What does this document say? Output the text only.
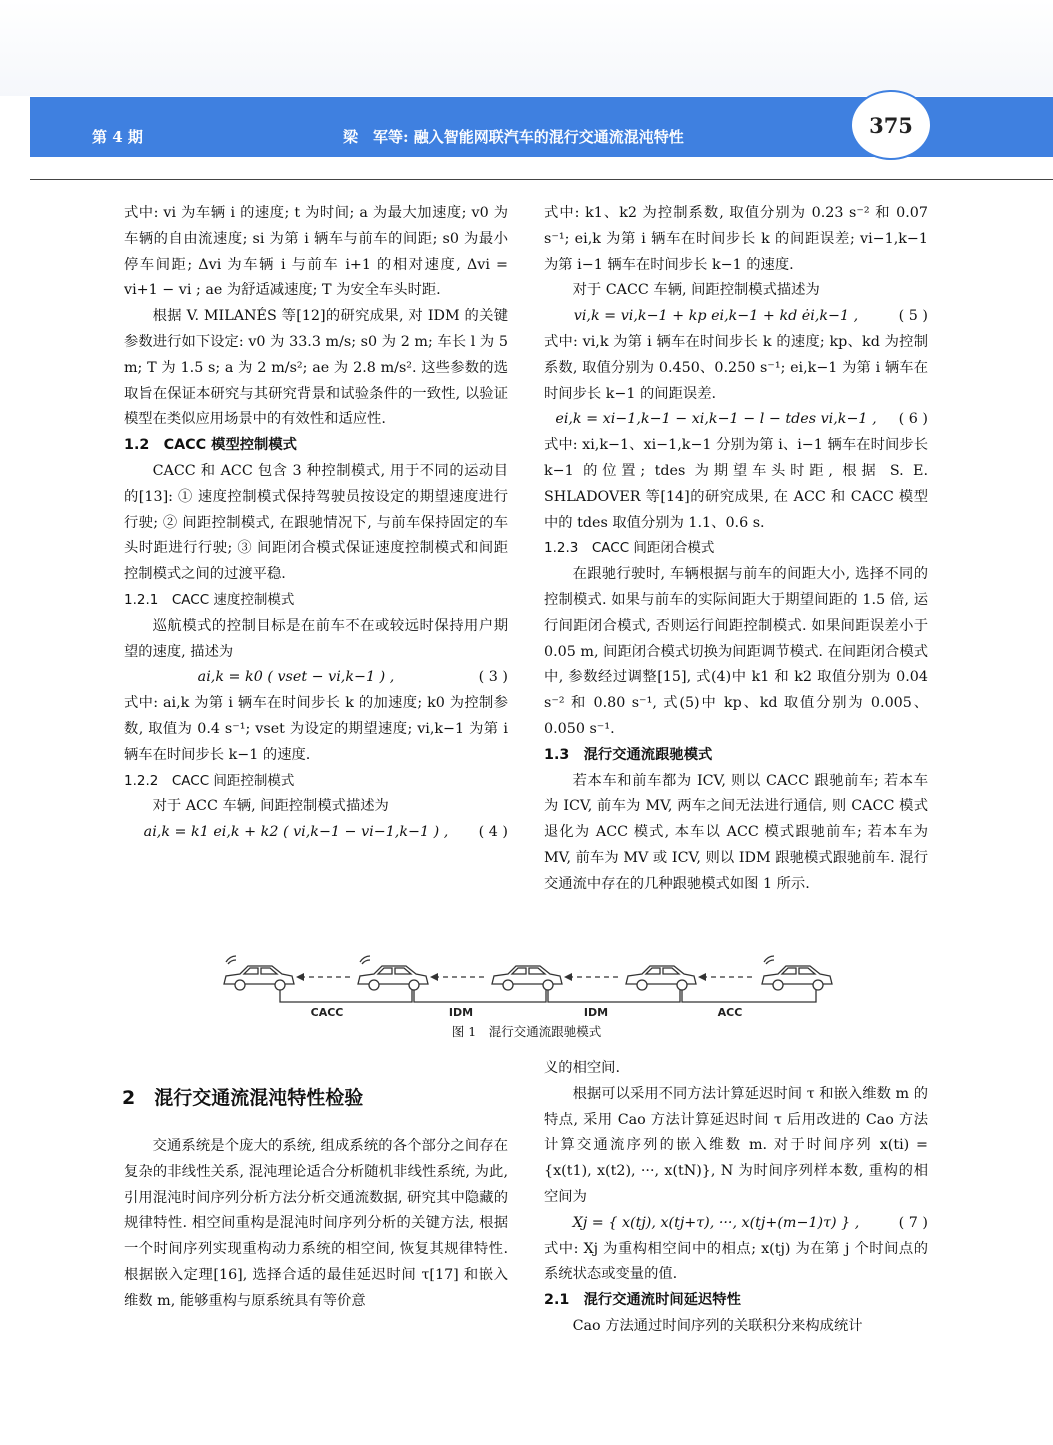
第 4 期	梁　军等: 融入智能网联汽车的混行交通流混沌特性	375

式中: vi 为车辆 i 的速度; t 为时间; a 为最大加速度; v0 为车辆的自由流速度; si 为第 i 辆车与前车的间距; s0 为最小停车间距; Δvi 为车辆 i 与前车 i+1 的相对速度, Δvi = vi+1 − vi ; ae 为舒适减速度; T 为安全车头时距.

根据 V. MILANÉS 等[12]的研究成果, 对 IDM 的关键参数进行如下设定: v0 为 33.3 m/s; s0 为 2 m; 车长 l 为 5 m; T 为 1.5 s; a 为 2 m/s²; ae 为 2.8 m/s². 这些参数的选取旨在保证本研究与其研究背景和试验条件的一致性, 以验证模型在类似应用场景中的有效性和适应性.

1.2　CACC 模型控制模式

CACC 和 ACC 包含 3 种控制模式, 用于不同的运动目的[13]: ① 速度控制模式保持驾驶员按设定的期望速度进行行驶; ② 间距控制模式, 在跟驰情况下, 与前车保持固定的车头时距进行行驶; ③ 间距闭合模式保证速度控制模式和间距控制模式之间的过渡平稳.

1.2.1　CACC 速度控制模式

巡航模式的控制目标是在前车不在或较远时保持用户期望的速度, 描述为

ai,k = k0 ( vset − vi,k−1 ) ,	( 3 )

式中: ai,k 为第 i 辆车在时间步长 k 的加速度; k0 为控制参数, 取值为 0.4 s⁻¹; vset 为设定的期望速度; vi,k−1 为第 i 辆车在时间步长 k−1 的速度.

1.2.2　CACC 间距控制模式

对于 ACC 车辆, 间距控制模式描述为

ai,k = k1 ei,k + k2 ( vi,k−1 − vi−1,k−1 ) ,	( 4 )

式中: k1、k2 为控制系数, 取值分别为 0.23 s⁻² 和 0.07 s⁻¹; ei,k 为第 i 辆车在时间步长 k 的间距误差; vi−1,k−1 为第 i−1 辆车在时间步长 k−1 的速度.

对于 CACC 车辆, 间距控制模式描述为

vi,k = vi,k−1 + kp ei,k−1 + kd ėi,k−1 ,	( 5 )

式中: vi,k 为第 i 辆车在时间步长 k 的速度; kp、kd 为控制系数, 取值分别为 0.450、0.250 s⁻¹; ei,k−1 为第 i 辆车在时间步长 k−1 的间距误差.

ei,k = xi−1,k−1 − xi,k−1 − l − tdes vi,k−1 ,	( 6 )

式中: xi,k−1、xi−1,k−1 分别为第 i、i−1 辆车在时间步长 k−1 的位置; tdes 为期望车头时距, 根据 S. E. SHLADOVER 等[14]的研究成果, 在 ACC 和 CACC 模型中的 tdes 取值分别为 1.1、0.6 s.

1.2.3　CACC 间距闭合模式

在跟驰行驶时, 车辆根据与前车的间距大小, 选择不同的控制模式. 如果与前车的实际间距大于期望间距的 1.5 倍, 运行间距闭合模式, 否则运行间距控制模式. 如果间距误差小于 0.05 m, 间距闭合模式切换为间距调节模式. 在间距闭合模式中, 参数经过调整[15], 式(4)中 k1 和 k2 取值分别为 0.04 s⁻² 和 0.80 s⁻¹, 式(5)中 kp、kd 取值分别为 0.005、0.050 s⁻¹.

1.3　混行交通流跟驰模式

若本车和前车都为 ICV, 则以 CACC 跟驰前车; 若本车为 ICV, 前车为 MV, 两车之间无法进行通信, 则 CACC 模式退化为 ACC 模式, 本车以 ACC 模式跟驰前车; 若本车为 MV, 前车为 MV 或 ICV, 则以 IDM 跟驰模式跟驰前车. 混行交通流中存在的几种跟驰模式如图 1 所示.

CACC	IDM	IDM	ACC
图 1　混行交通流跟驰模式
2　混行交通流混沌特性检验

交通系统是个庞大的系统, 组成系统的各个部分之间存在复杂的非线性关系, 混沌理论适合分析随机非线性系统, 为此, 引用混沌时间序列分析方法分析交通流数据, 研究其中隐藏的规律特性. 相空间重构是混沌时间序列分析的关键方法, 根据一个时间序列实现重构动力系统的相空间, 恢复其规律特性. 根据嵌入定理[16], 选择合适的最佳延迟时间 τ[17] 和嵌入维数 m, 能够重构与原系统具有等价意

义的相空间.

根据可以采用不同方法计算延迟时间 τ 和嵌入维数 m 的特点, 采用 Cao 方法计算延迟时间 τ 后用改进的 Cao 方法计算交通流序列的嵌入维数 m. 对于时间序列 x(ti) = {x(t1), x(t2), ···, x(tN)}, N 为时间序列样本数, 重构的相空间为

Xj = { x(tj), x(tj+τ), ···, x(tj+(m−1)τ) } ,	( 7 )

式中: Xj 为重构相空间中的相点; x(tj) 为在第 j 个时间点的系统状态或变量的值.

2.1　混行交通流时间延迟特性

Cao 方法通过时间序列的关联积分来构成统计
